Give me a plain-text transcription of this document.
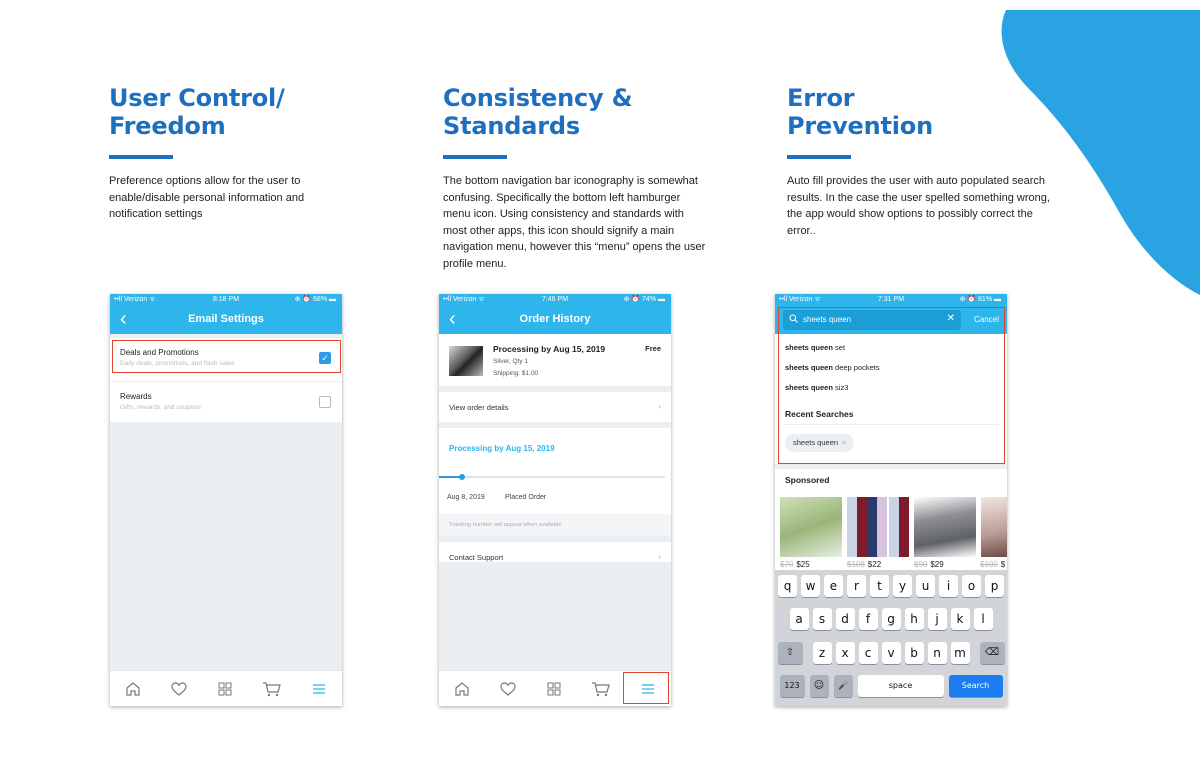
User Control/
Freedom

Preference options allow for the user to enable/disable personal information and notification settings

Consistency &
Standards

The bottom navigation bar iconography is somewhat confusing. Specifically the bottom left hamburger menu icon. Using consistency and standards with most other apps, this icon should signify a main navigation menu, however this “menu” opens the user profile menu.

Error
Prevention

Auto fill provides the user with auto populated search results. In the case the user spelled something wrong, the app would show options to possibly correct the error..

••ll Verizon ᯤ	8:18 PM	⊕ ⏰ 68% ▬
‹	Email Settings
Deals and Promotions
Daily deals, promotions, and flash sales
✓
Rewards
Gifts, rewards, and coupons
••ll Verizon ᯤ	7:46 PM	⊕ ⏰ 74% ▬
‹	Order History
Processing by Aug 15, 2019	Free
Silver, Qty 1
Shipping: $1.00
View order details	›
Processing by Aug 15, 2019
Aug 8, 2019	Placed Order
Tracking number will appear when available
Contact Support	›
••ll Verizon ᯤ	7:31 PM	⊕ ⏰ 81% ▬
sheets queen	✕ Cancel
sheets queen set
sheets queen deep pockets
sheets queen siz3
Recent Searches
sheets queen ×
Sponsored
$70 $25	$108 $22	$90 $29	$100 $
q	w	e	r	t	y	u	i	o	p
a	s	d	f	g	h	j	k	l
⇧	z	x	c	v	b	n	m	⌫
123	☺	🎤	space	Search
